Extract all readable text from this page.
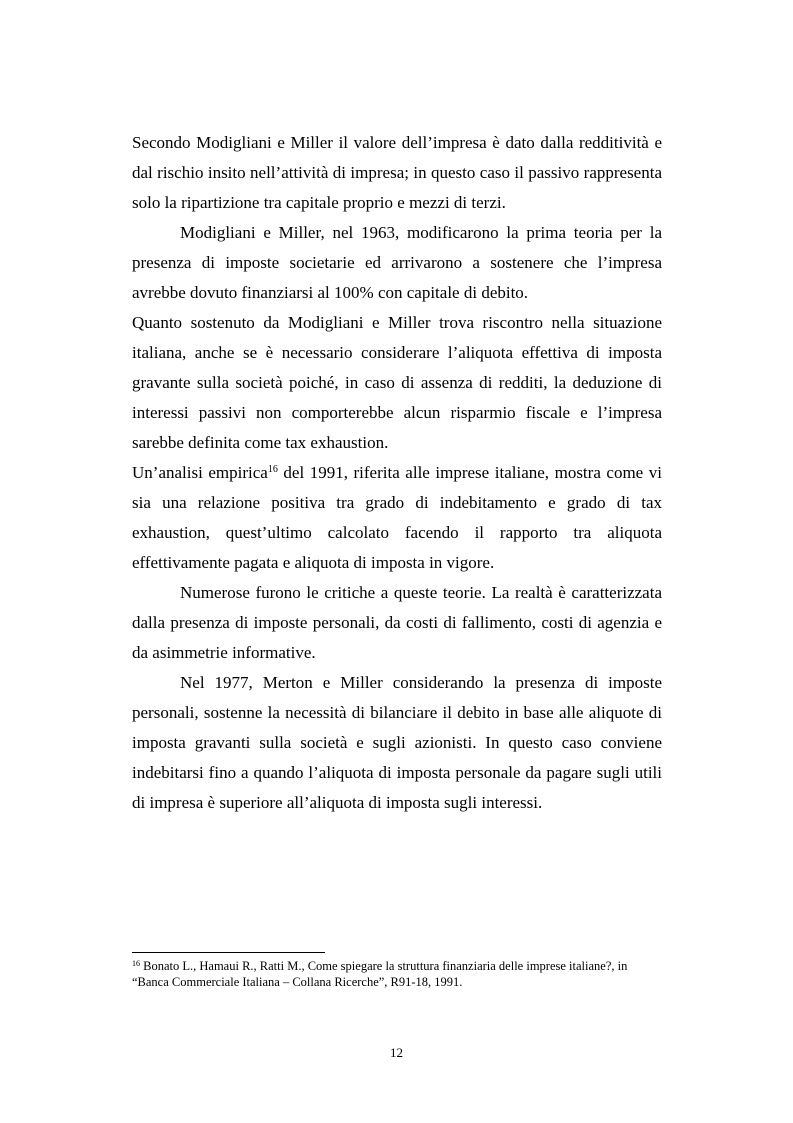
Secondo Modigliani e Miller il valore dell’impresa è dato dalla redditività e dal rischio insito nell’attività di impresa; in questo caso il passivo rappresenta solo la ripartizione tra capitale proprio e mezzi di terzi.

Modigliani e Miller, nel 1963, modificarono la prima teoria per la presenza di imposte societarie ed arrivarono a sostenere che l’impresa avrebbe dovuto finanziarsi al 100% con capitale di debito.

Quanto sostenuto da Modigliani e Miller trova riscontro nella situazione italiana, anche se è necessario considerare l’aliquota effettiva di imposta gravante sulla società poiché, in caso di assenza di redditi, la deduzione di interessi passivi non comporterebbe alcun risparmio fiscale e l’impresa sarebbe definita come tax exhaustion.

Un’analisi empirica$^{16}$ del 1991, riferita alle imprese italiane, mostra come vi sia una relazione positiva tra grado di indebitamento e grado di tax exhaustion, quest’ultimo calcolato facendo il rapporto tra aliquota effettivamente pagata e aliquota di imposta in vigore.

Numerose furono le critiche a queste teorie. La realtà è caratterizzata dalla presenza di imposte personali, da costi di fallimento, costi di agenzia e da asimmetrie informative.

Nel 1977, Merton e Miller considerando la presenza di imposte personali, sostenne la necessità di bilanciare il debito in base alle aliquote di imposta gravanti sulla società e sugli azionisti. In questo caso conviene indebitarsi fino a quando l’aliquota di imposta personale da pagare sugli utili di impresa è superiore all’aliquota di imposta sugli interessi.

$^{16}$ Bonato L., Hamaui R., Ratti M., Come spiegare la struttura finanziaria delle imprese italiane?, in “Banca Commerciale Italiana – Collana Ricerche”, R91-18, 1991.

12
